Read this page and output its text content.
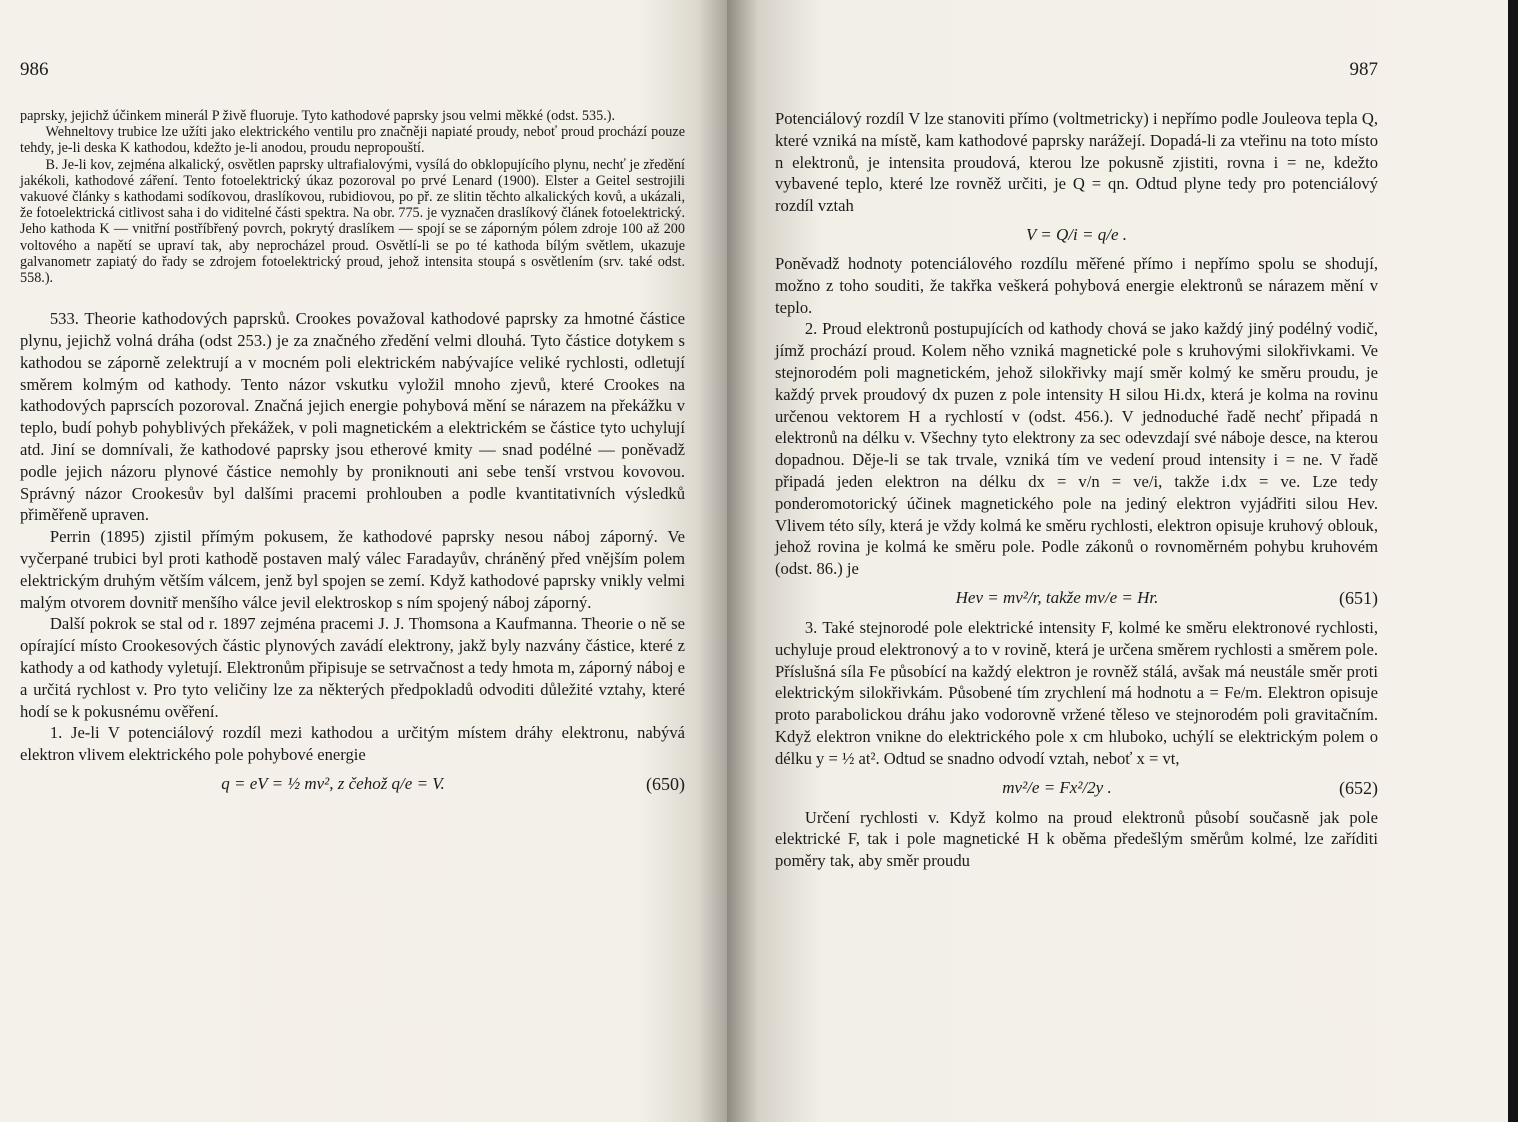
986

paprsky, jejichž účinkem minerál P živě fluoruje. Tyto kathodové paprsky jsou velmi měkké (odst. 535.).

Wehneltovy trubice lze užíti jako elektrického ventilu pro značněji napiaté proudy, neboť proud prochází pouze tehdy, je-li deska K kathodou, kdežto je-li anodou, proudu nepropouští.

B. Je-li kov, zejména alkalický, osvětlen paprsky ultrafialovými, vysílá do obklopujícího plynu, nechť je zředění jakékoli, kathodové záření. Tento fotoelektrický úkaz pozoroval po prvé Lenard (1900). Elster a Geitel sestrojili vakuové články s kathodami sodíkovou, draslíkovou, rubidiovou, po př. ze slitin těchto alkalických kovů, a ukázali, že fotoelektrická citlivost saha i do viditelné části spektra. Na obr. 775. je vyznačen draslíkový článek fotoelektrický. Jeho kathoda K — vnitřní postříbřený povrch, pokrytý draslíkem — spojí se se záporným pólem zdroje 100 až 200 voltového a napětí se upraví tak, aby neprocházel proud. Osvětlí-li se po té kathoda bílým světlem, ukazuje galvanometr zapiatý do řady se zdrojem fotoelektrický proud, jehož intensita stoupá s osvětlením (srv. také odst. 558.).

533. Theorie kathodových paprsků. Crookes považoval kathodové paprsky za hmotné částice plynu, jejichž volná dráha (odst 253.) je za značného zředění velmi dlouhá. Tyto částice dotykem s kathodou se záporně zelektrují a v mocném poli elektrickém nabývajíce veliké rychlosti, odletují směrem kolmým od kathody. Tento názor vskutku vyložil mnoho zjevů, které Crookes na kathodových paprscích pozoroval. Značná jejich energie pohybová mění se nárazem na překážku v teplo, budí pohyb pohyblivých překážek, v poli magnetickém a elektrickém se částice tyto uchylují atd. Jiní se domnívali, že kathodové paprsky jsou etherové kmity — snad podélné — poněvadž podle jejich názoru plynové částice nemohly by proniknouti ani sebe tenší vrstvou kovovou. Správný názor Crookesův byl dalšími pracemi prohlouben a podle kvantitativních výsledků přiměřeně upraven.

Perrin (1895) zjistil přímým pokusem, že kathodové paprsky nesou náboj záporný. Ve vyčerpané trubici byl proti kathodě postaven malý válec Faradayův, chráněný před vnějším polem elektrickým druhým větším válcem, jenž byl spojen se zemí. Když kathodové paprsky vnikly velmi malým otvorem dovnitř menšího válce jevil elektroskop s ním spojený náboj záporný.

Další pokrok se stal od r. 1897 zejména pracemi J. J. Thomsona a Kaufmanna. Theorie o ně se opírající místo Crookesových částic plynových zavádí elektrony, jakž byly nazvány částice, které z kathody a od kathody vyletují. Elektronům připisuje se setrvačnost a tedy hmota m, záporný náboj e a určitá rychlost v. Pro tyto veličiny lze za některých předpokladů odvoditi důležité vztahy, které hodí se k pokusnému ověření.

1. Je-li V potenciálový rozdíl mezi kathodou a určitým místem dráhy elektronu, nabývá elektron vlivem elektrického pole pohybové energie

q = eV = ½ mv², z čehož q/e = V.	(650)
987

Potenciálový rozdíl V lze stanoviti přímo (voltmetricky) i nepřímo podle Jouleova tepla Q, které vzniká na místě, kam kathodové paprsky narážejí. Dopadá-li za vteřinu na toto místo n elektronů, je intensita proudová, kterou lze pokusně zjistiti, rovna i = ne, kdežto vybavené teplo, které lze rovněž určiti, je Q = qn. Odtud plyne tedy pro potenciálový rozdíl vztah

V = Q/i = q/e .

Poněvadž hodnoty potenciálového rozdílu měřené přímo i nepřímo spolu se shodují, možno z toho souditi, že takřka veškerá pohybová energie elektronů se nárazem mění v teplo.

2. Proud elektronů postupujících od kathody chová se jako každý jiný podélný vodič, jímž prochází proud. Kolem něho vzniká magnetické pole s kruhovými silokřivkami. Ve stejnorodém poli magnetickém, jehož silokřivky mají směr kolmý ke směru proudu, je každý prvek proudový dx puzen z pole intensity H silou Hi.dx, která je kolma na rovinu určenou vektorem H a rychlostí v (odst. 456.). V jednoduché řadě nechť připadá n elektronů na délku v. Všechny tyto elektrony za sec odevzdají své náboje desce, na kterou dopadnou. Děje-li se tak trvale, vzniká tím ve vedení proud intensity i = ne. V řadě připadá jeden elektron na délku dx = v/n = ve/i, takže i.dx = ve. Lze tedy ponderomotorický účinek magnetického pole na jediný elektron vyjádřiti silou Hev. Vlivem této síly, která je vždy kolmá ke směru rychlosti, elektron opisuje kruhový oblouk, jehož rovina je kolmá ke směru pole. Podle zákonů o rovnoměrném pohybu kruhovém (odst. 86.) je

Hev = mv²/r, takže mv/e = Hr.	(651)

3. Také stejnorodé pole elektrické intensity F, kolmé ke směru elektronové rychlosti, uchyluje proud elektronový a to v rovině, která je určena směrem rychlosti a směrem pole. Příslušná síla Fe působící na každý elektron je rovněž stálá, avšak má neustále směr proti elektrickým silokřivkám. Působené tím zrychlení má hodnotu a = Fe/m. Elektron opisuje proto parabolickou dráhu jako vodorovně vržené těleso ve stejnorodém poli gravitačním. Když elektron vnikne do elektrického pole x cm hluboko, uchýlí se elektrickým polem o délku y = ½ at². Odtud se snadno odvodí vztah, neboť x = vt,

mv²/e = Fx²/2y .	(652)

Určení rychlosti v. Když kolmo na proud elektronů působí současně jak pole elektrické F, tak i pole magnetické H k oběma předešlým směrům kolmé, lze zaříditi poměry tak, aby směr proudu
